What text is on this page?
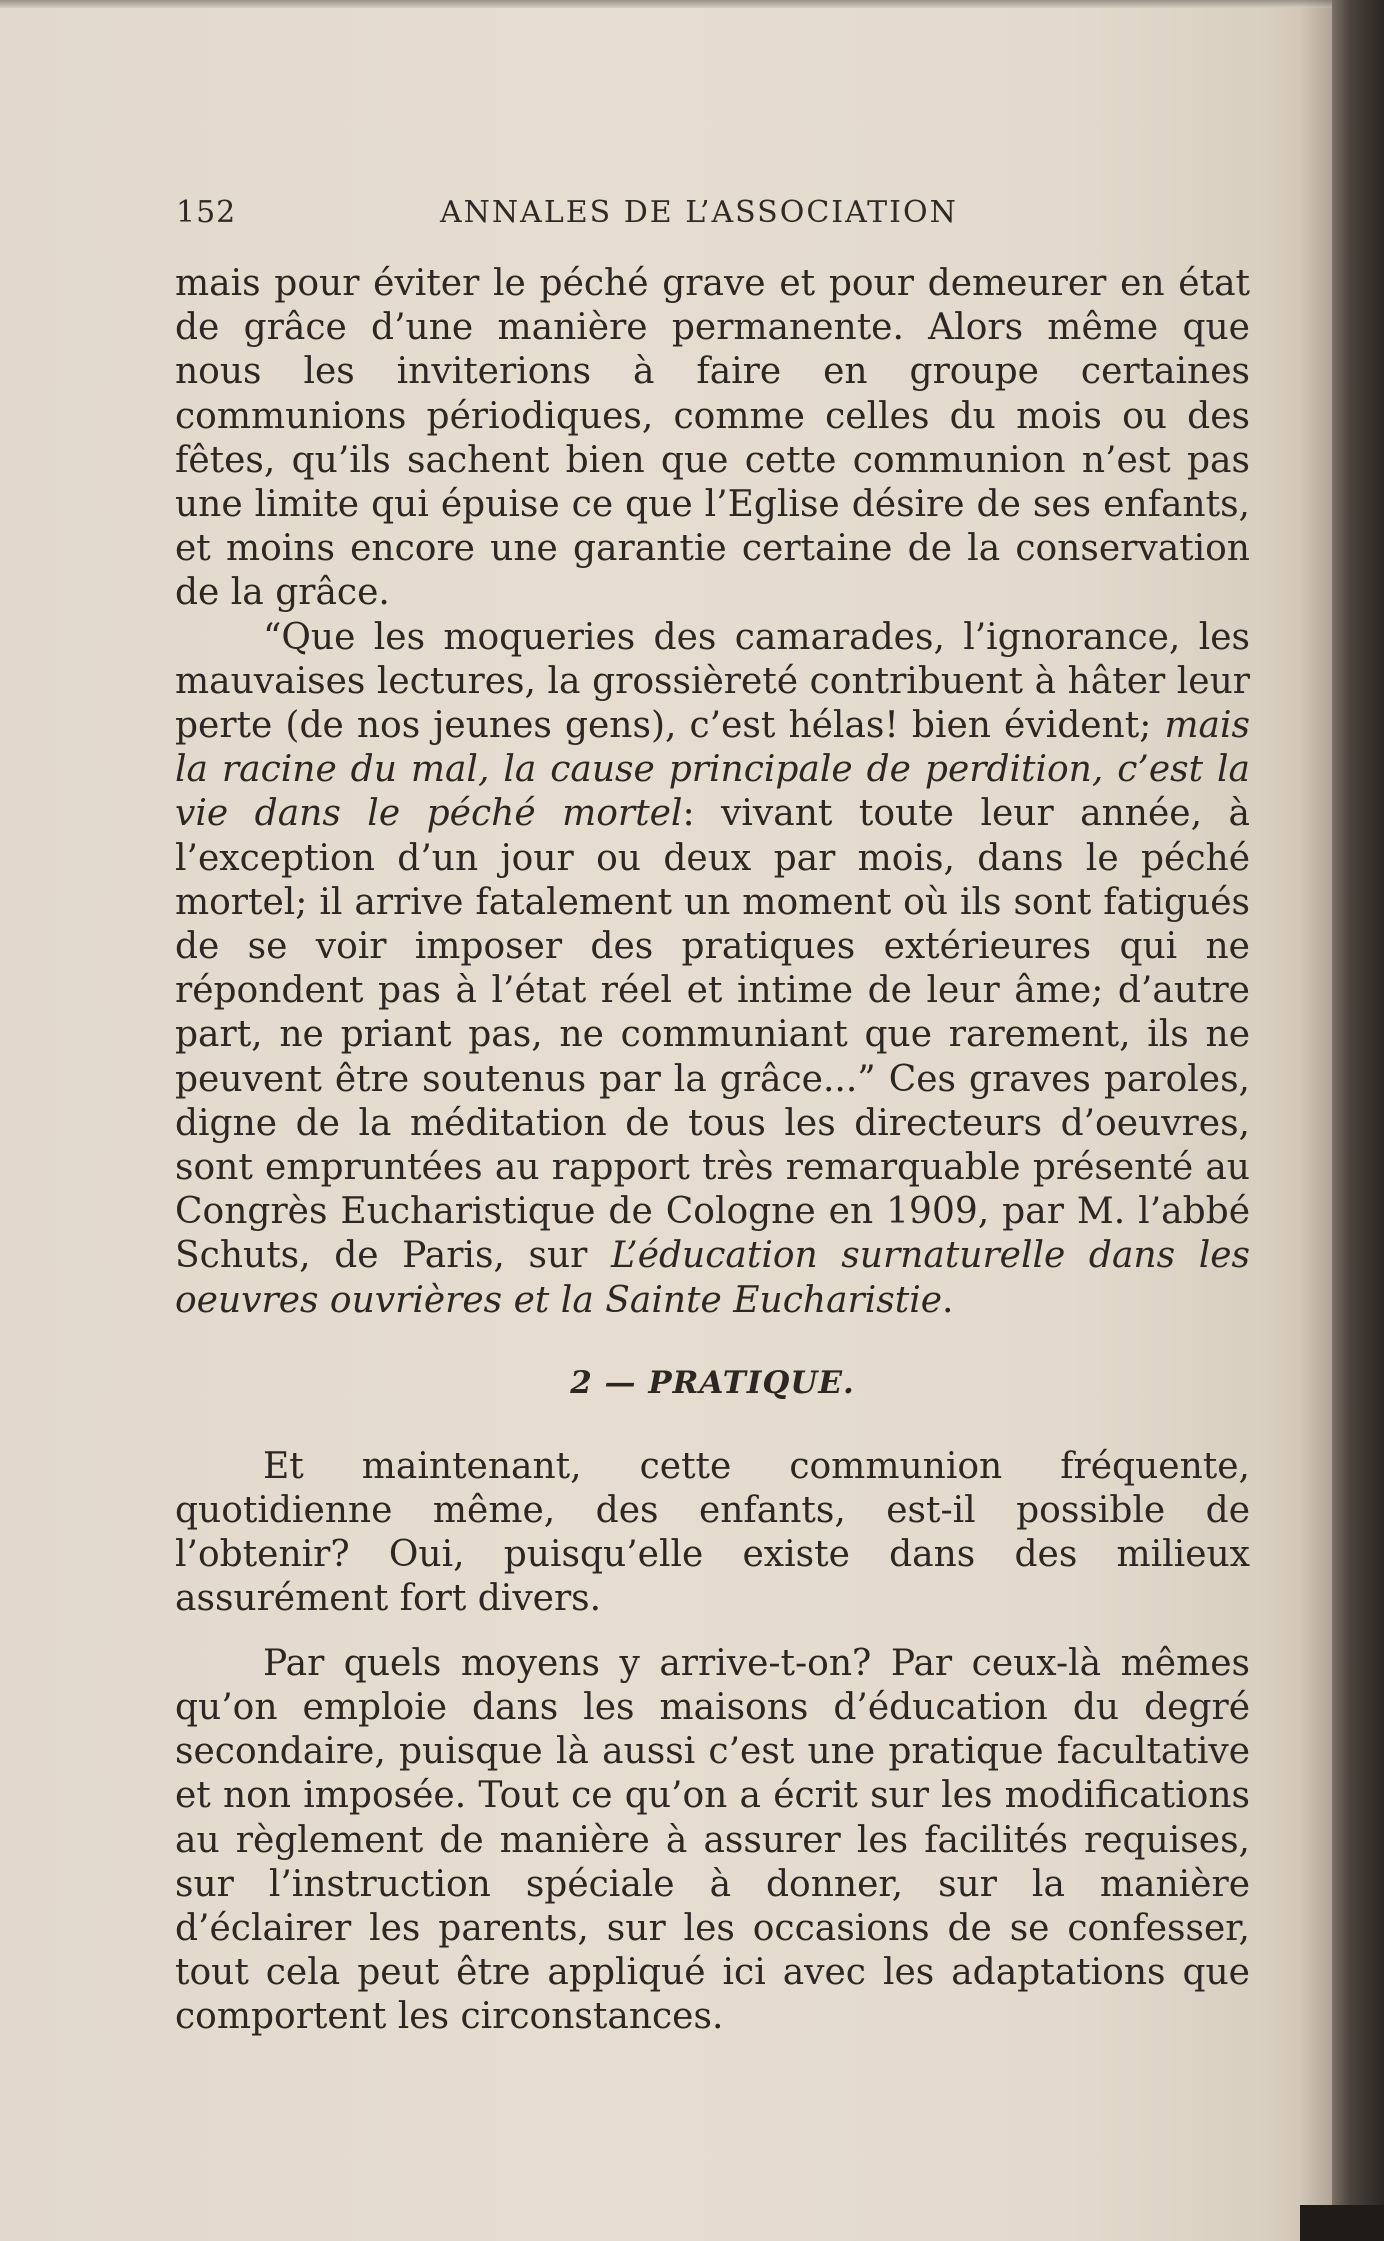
152	ANNALES DE L’ASSOCIATION

mais pour éviter le péché grave et pour demeurer en état de grâce d’une manière permanente. Alors même que nous les inviterions à faire en groupe certaines communions périodiques, comme celles du mois ou des fêtes, qu’ils sachent bien que cette communion n’est pas une limite qui épuise ce que l’Eglise désire de ses enfants, et moins encore une garantie certaine de la conservation de la grâce.

“Que les moqueries des camarades, l’ignorance, les mauvaises lectures, la grossièreté contribuent à hâter leur perte (de nos jeunes gens), c’est hélas! bien évident; mais la racine du mal, la cause principale de perdition, c’est la vie dans le péché mortel: vivant toute leur année, à l’exception d’un jour ou deux par mois, dans le péché mortel; il arrive fatalement un moment où ils sont fatigués de se voir imposer des pratiques extérieures qui ne répondent pas à l’état réel et intime de leur âme; d’autre part, ne priant pas, ne communiant que rarement, ils ne peuvent être soutenus par la grâce...” Ces graves paroles, digne de la méditation de tous les directeurs d’oeuvres, sont empruntées au rapport très remarquable présenté au Congrès Eucharistique de Cologne en 1909, par M. l’abbé Schuts, de Paris, sur L’éducation surnaturelle dans les oeuvres ouvrières et la Sainte Eucharistie.

2 — PRATIQUE.

Et maintenant, cette communion fréquente, quotidienne même, des enfants, est-il possible de l’obtenir? Oui, puisqu’elle existe dans des milieux assurément fort divers.

Par quels moyens y arrive-t-on? Par ceux-là mêmes qu’on emploie dans les maisons d’éducation du degré secondaire, puisque là aussi c’est une pratique facultative et non imposée. Tout ce qu’on a écrit sur les modifications au règlement de manière à assurer les facilités requises, sur l’instruction spéciale à donner, sur la manière d’éclairer les parents, sur les occasions de se confesser, tout cela peut être appliqué ici avec les adaptations que comportent les circonstances.
